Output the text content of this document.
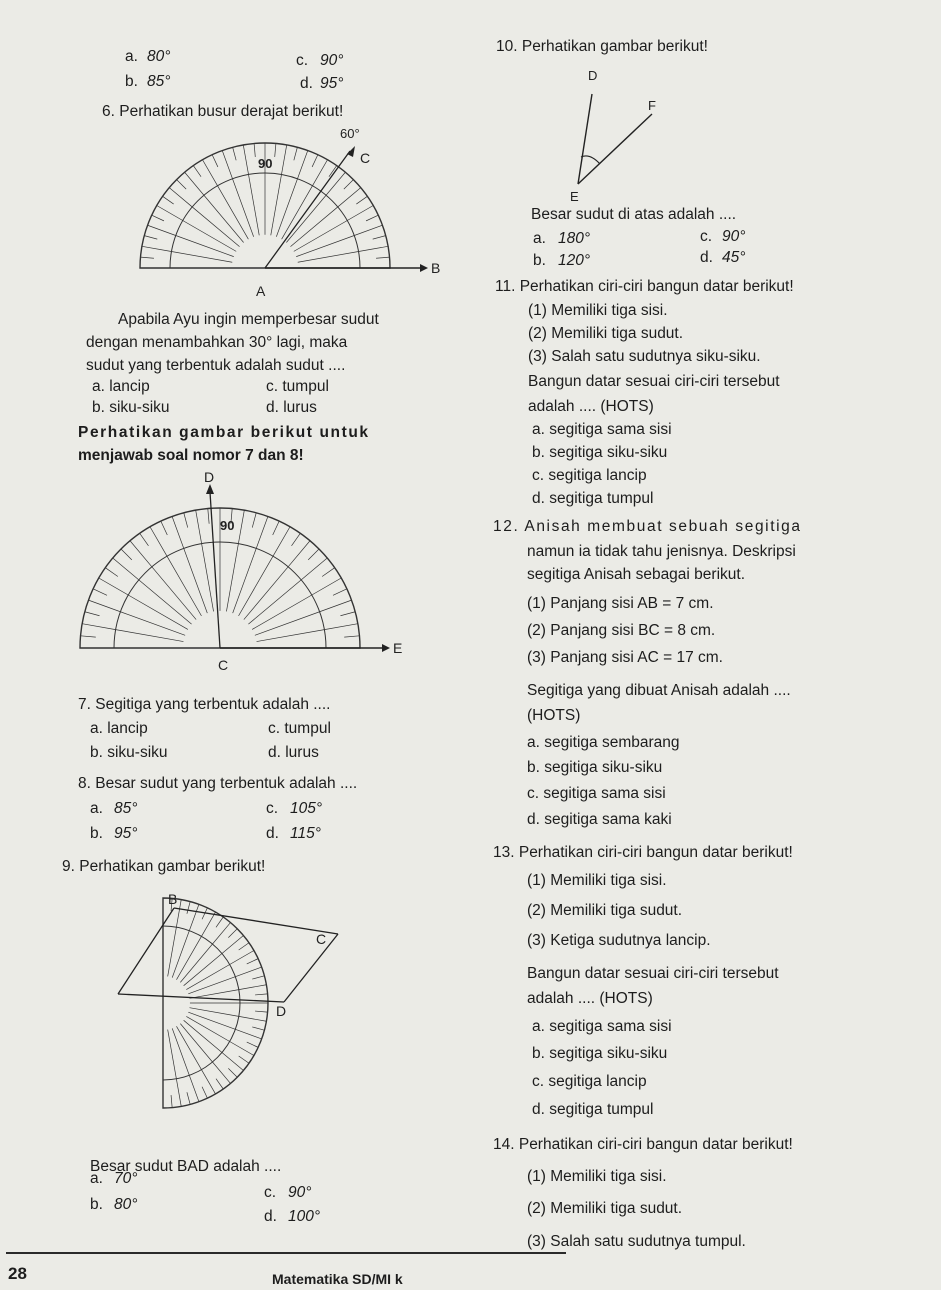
a. 80°
b. 85°
c. 90°
d. 95°
6. Perhatikan busur derajat berikut!
60°
C
B
A
90
Apabila Ayu ingin memperbesar sudut
dengan menambahkan 30° lagi, maka
sudut yang terbentuk adalah sudut ....
a. lancip
b. siku-siku
c. tumpul
d. lurus
Perhatikan gambar berikut untuk
menjawab soal nomor 7 dan 8!
D
E
C
90
7. Segitiga yang terbentuk adalah ....
a. lancip
b. siku-siku
c. tumpul
d. lurus
8. Besar sudut yang terbentuk adalah ....
a. 85°
b. 95°
c. 105°
d. 115°
9. Perhatikan gambar berikut!
B
C
D
Besar sudut BAD adalah ....
a. 70°
b. 80°
c. 90°
d. 100°
10. Perhatikan gambar berikut!
D
F
E
Besar sudut di atas adalah ....
a. 180°
b. 120°
c. 90°
d. 45°
11. Perhatikan ciri-ciri bangun datar berikut!
(1) Memiliki tiga sisi.
(2) Memiliki tiga sudut.
(3) Salah satu sudutnya siku-siku.
Bangun datar sesuai ciri-ciri tersebut
adalah .... (HOTS)
a. segitiga sama sisi
b. segitiga siku-siku
c. segitiga lancip
d. segitiga tumpul
12. Anisah membuat sebuah segitiga
namun ia tidak tahu jenisnya. Deskripsi
segitiga Anisah sebagai berikut.
(1) Panjang sisi AB = 7 cm.
(2) Panjang sisi BC = 8 cm.
(3) Panjang sisi AC = 17 cm.
Segitiga yang dibuat Anisah adalah ....
(HOTS)
a. segitiga sembarang
b. segitiga siku-siku
c. segitiga sama sisi
d. segitiga sama kaki
13. Perhatikan ciri-ciri bangun datar berikut!
(1) Memiliki tiga sisi.
(2) Memiliki tiga sudut.
(3) Ketiga sudutnya lancip.
Bangun datar sesuai ciri-ciri tersebut
adalah .... (HOTS)
a. segitiga sama sisi
b. segitiga siku-siku
c. segitiga lancip
d. segitiga tumpul
14. Perhatikan ciri-ciri bangun datar berikut!
(1) Memiliki tiga sisi.
(2) Memiliki tiga sudut.
(3) Salah satu sudutnya tumpul.
28	Matematika SD/MI k
